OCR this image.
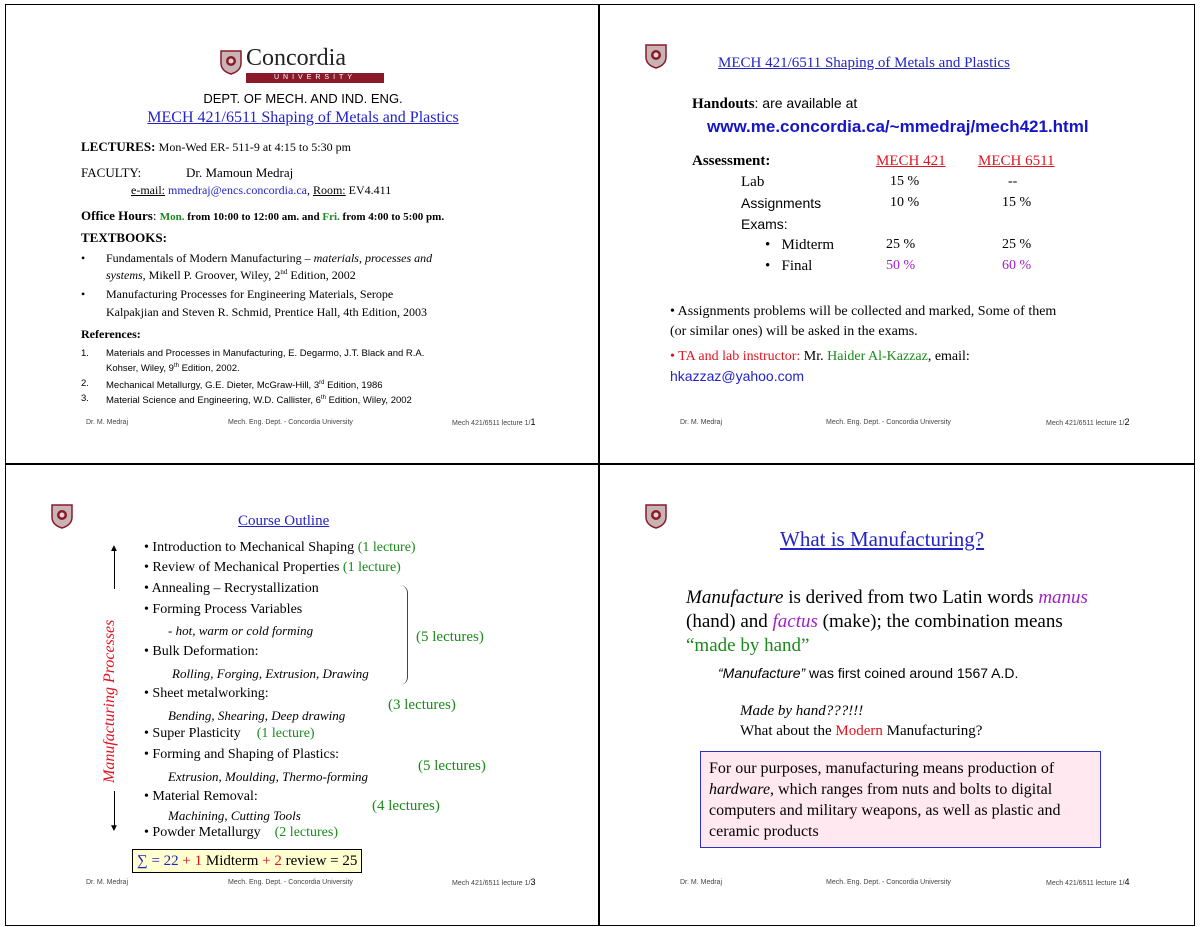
Concordia
UNIVERSITY
DEPT. OF MECH. AND IND. ENG.
MECH 421/6511 Shaping of Metals and Plastics
LECTURES: Mon-Wed ER- 511-9 at 4:15 to 5:30 pm
FACULTY:	Dr. Mamoun Medraj
e-mail: mmedraj@encs.concordia.ca, Room: EV4.411
Office Hours: Mon. from 10:00 to 12:00 am. and Fri. from 4:00 to 5:00 pm.
TEXTBOOKS:
• Fundamentals of Modern Manufacturing – materials, processes and
systems, Mikell P. Groover, Wiley, 2nd Edition, 2002
• Manufacturing Processes for Engineering Materials, Serope
Kalpakjian and Steven R. Schmid, Prentice Hall, 4th Edition, 2003
References:
1. Materials and Processes in Manufacturing, E. Degarmo, J.T. Black and R.A.
Kohser, Wiley, 9th Edition, 2002.
2. Mechanical Metallurgy, G.E. Dieter, McGraw-Hill, 3rd Edition, 1986
3. Material Science and Engineering, W.D. Callister, 6th Edition, Wiley, 2002
Dr. M. Medraj	Mech. Eng. Dept. - Concordia University	Mech 421/6511 lecture 1/1
MECH 421/6511 Shaping of Metals and Plastics
Handouts: are available at
www.me.concordia.ca/~mmedraj/mech421.html
Assessment:	MECH 421 MECH 6511
Lab	15 %	--
Assignments	10 %	15 %
Exams:
•   Midterm	25 %	25 %
•   Final	50 %	60 %
• Assignments problems will be collected and marked, Some of them
(or similar ones) will be asked in the exams.
• TA and lab instructor: Mr. Haider Al-Kazzaz, email:
hkazzaz@yahoo.com
Dr. M. Medraj	Mech. Eng. Dept. - Concordia University	Mech 421/6511 lecture 1/2
Course Outline
▲
▼
Manufacturing Processes
• Introduction to Mechanical Shaping (1 lecture)
• Review of Mechanical Properties (1 lecture)
• Annealing – Recrystallization
• Forming Process Variables
- hot, warm or cold forming
• Bulk Deformation:
Rolling, Forging, Extrusion, Drawing
• Sheet metalworking:
Bending, Shearing, Deep drawing
• Super Plasticity (1 lecture)
• Forming and Shaping of Plastics:
Extrusion, Moulding, Thermo-forming
• Material Removal:
Machining, Cutting Tools
• Powder Metallurgy (2 lectures)
(5 lectures)
(3 lectures)
(5 lectures)
(4 lectures)
∑ = 22 + 1 Midterm + 2 review = 25
Dr. M. Medraj	Mech. Eng. Dept. - Concordia University	Mech 421/6511 lecture 1/3
What is Manufacturing?
Manufacture is derived from two Latin words manus
(hand) and factus (make); the combination means
“made by hand”
“Manufacture” was first coined around 1567 A.D.
Made by hand???!!!
What about the Modern Manufacturing?
For our purposes, manufacturing means production of
hardware, which ranges from nuts and bolts to digital
computers and military weapons, as well as plastic and
ceramic products
Dr. M. Medraj	Mech. Eng. Dept. - Concordia University	Mech 421/6511 lecture 1/4
